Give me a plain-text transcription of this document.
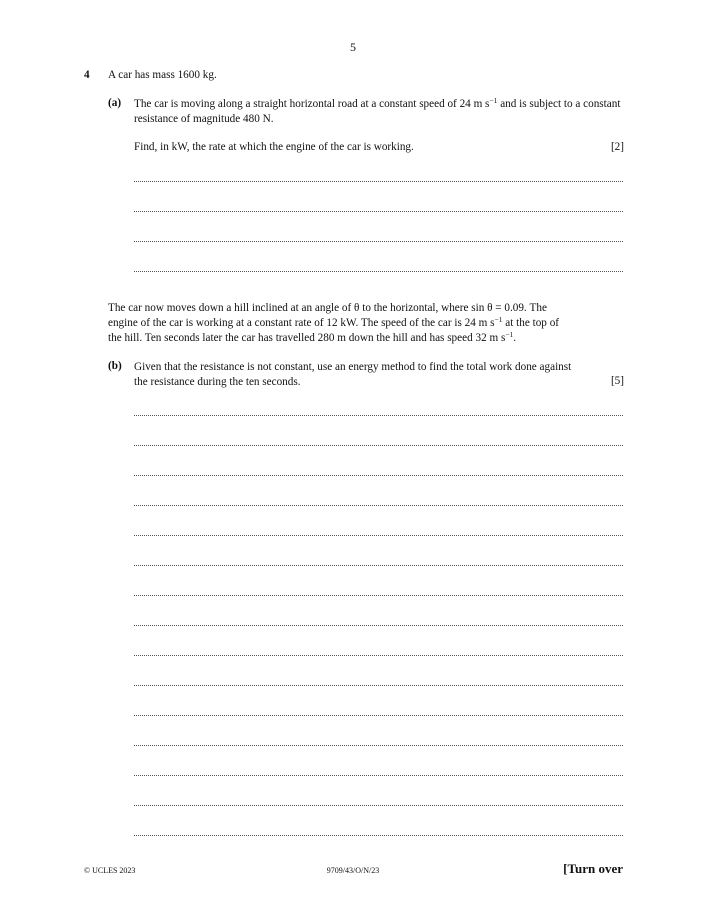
5
4 A car has mass 1600 kg.
(a) The car is moving along a straight horizontal road at a constant speed of 24 m $s^{-1}$ and is subject to a constant resistance of magnitude 480 N.
Find, in kW, the rate at which the engine of the car is working.	[2]
The car now moves down a hill inclined at an angle of θ to the horizontal, where sin θ = 0.09. The
engine of the car is working at a constant rate of 12 kW. The speed of the car is 24 m $s^{-1}$ at the top of
the hill. Ten seconds later the car has travelled 280 m down the hill and has speed 32 m $s^{-1}$.
(b) Given that the resistance is not constant, use an energy method to find the total work done against
the resistance during the ten seconds.	[5]
© UCLES 2023	9709/43/O/N/23	[Turn over
